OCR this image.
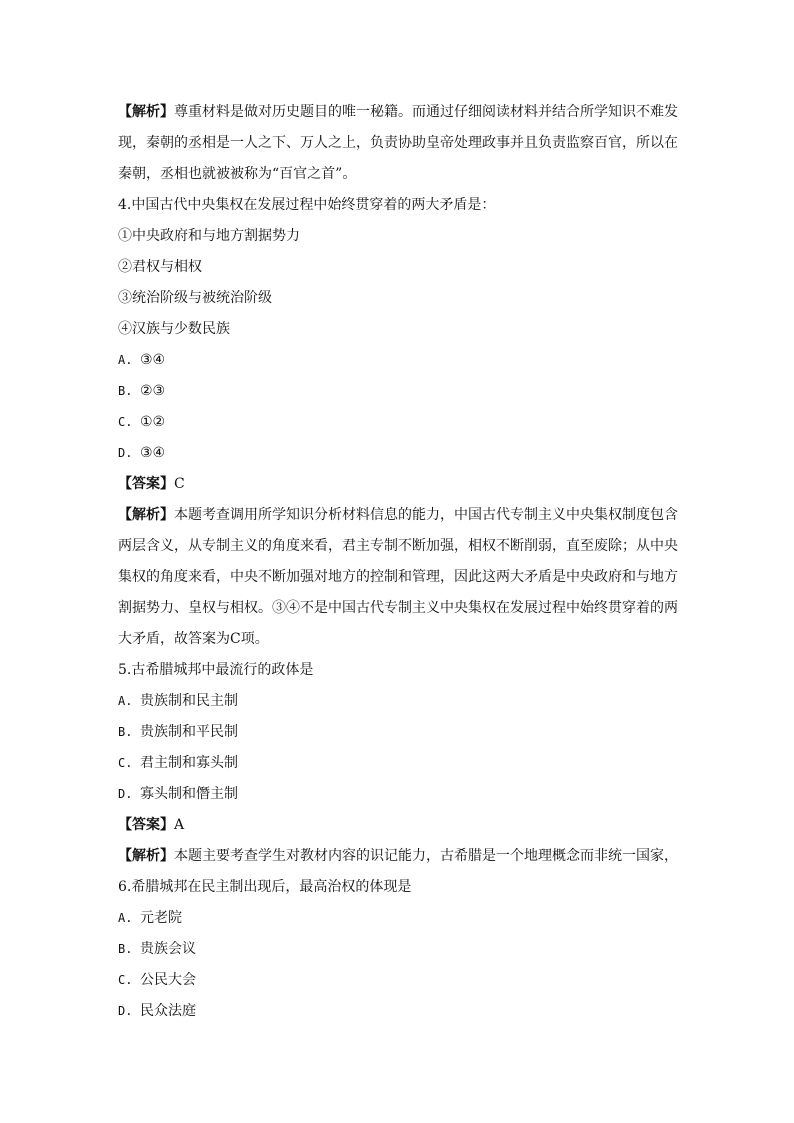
【解析】尊重材料是做对历史题目的唯一秘籍。而通过仔细阅读材料并结合所学知识不难发现，秦朝的丞相是一人之下、万人之上，负责协助皇帝处理政事并且负责监察百官，所以在秦朝，丞相也就被被称为“百官之首”。

4.中国古代中央集权在发展过程中始终贯穿着的两大矛盾是：

①中央政府和与地方割据势力

②君权与相权

③统治阶级与被统治阶级

④汉族与少数民族

A. ③④

B. ②③

C. ①②

D. ③④

【答案】C

【解析】本题考查调用所学知识分析材料信息的能力，中国古代专制主义中央集权制度包含两层含义，从专制主义的角度来看，君主专制不断加强，相权不断削弱，直至废除；从中央集权的角度来看，中央不断加强对地方的控制和管理，因此这两大矛盾是中央政府和与地方割据势力、皇权与相权。③④不是中国古代专制主义中央集权在发展过程中始终贯穿着的两大矛盾，故答案为C项。

5.古希腊城邦中最流行的政体是

A. 贵族制和民主制

B. 贵族制和平民制

C. 君主制和寡头制

D. 寡头制和僭主制

【答案】A

【解析】本题主要考查学生对教材内容的识记能力，古希腊是一个地理概念而非统一国家，

6.希腊城邦在民主制出现后，最高治权的体现是

A. 元老院

B. 贵族会议

C. 公民大会

D. 民众法庭
